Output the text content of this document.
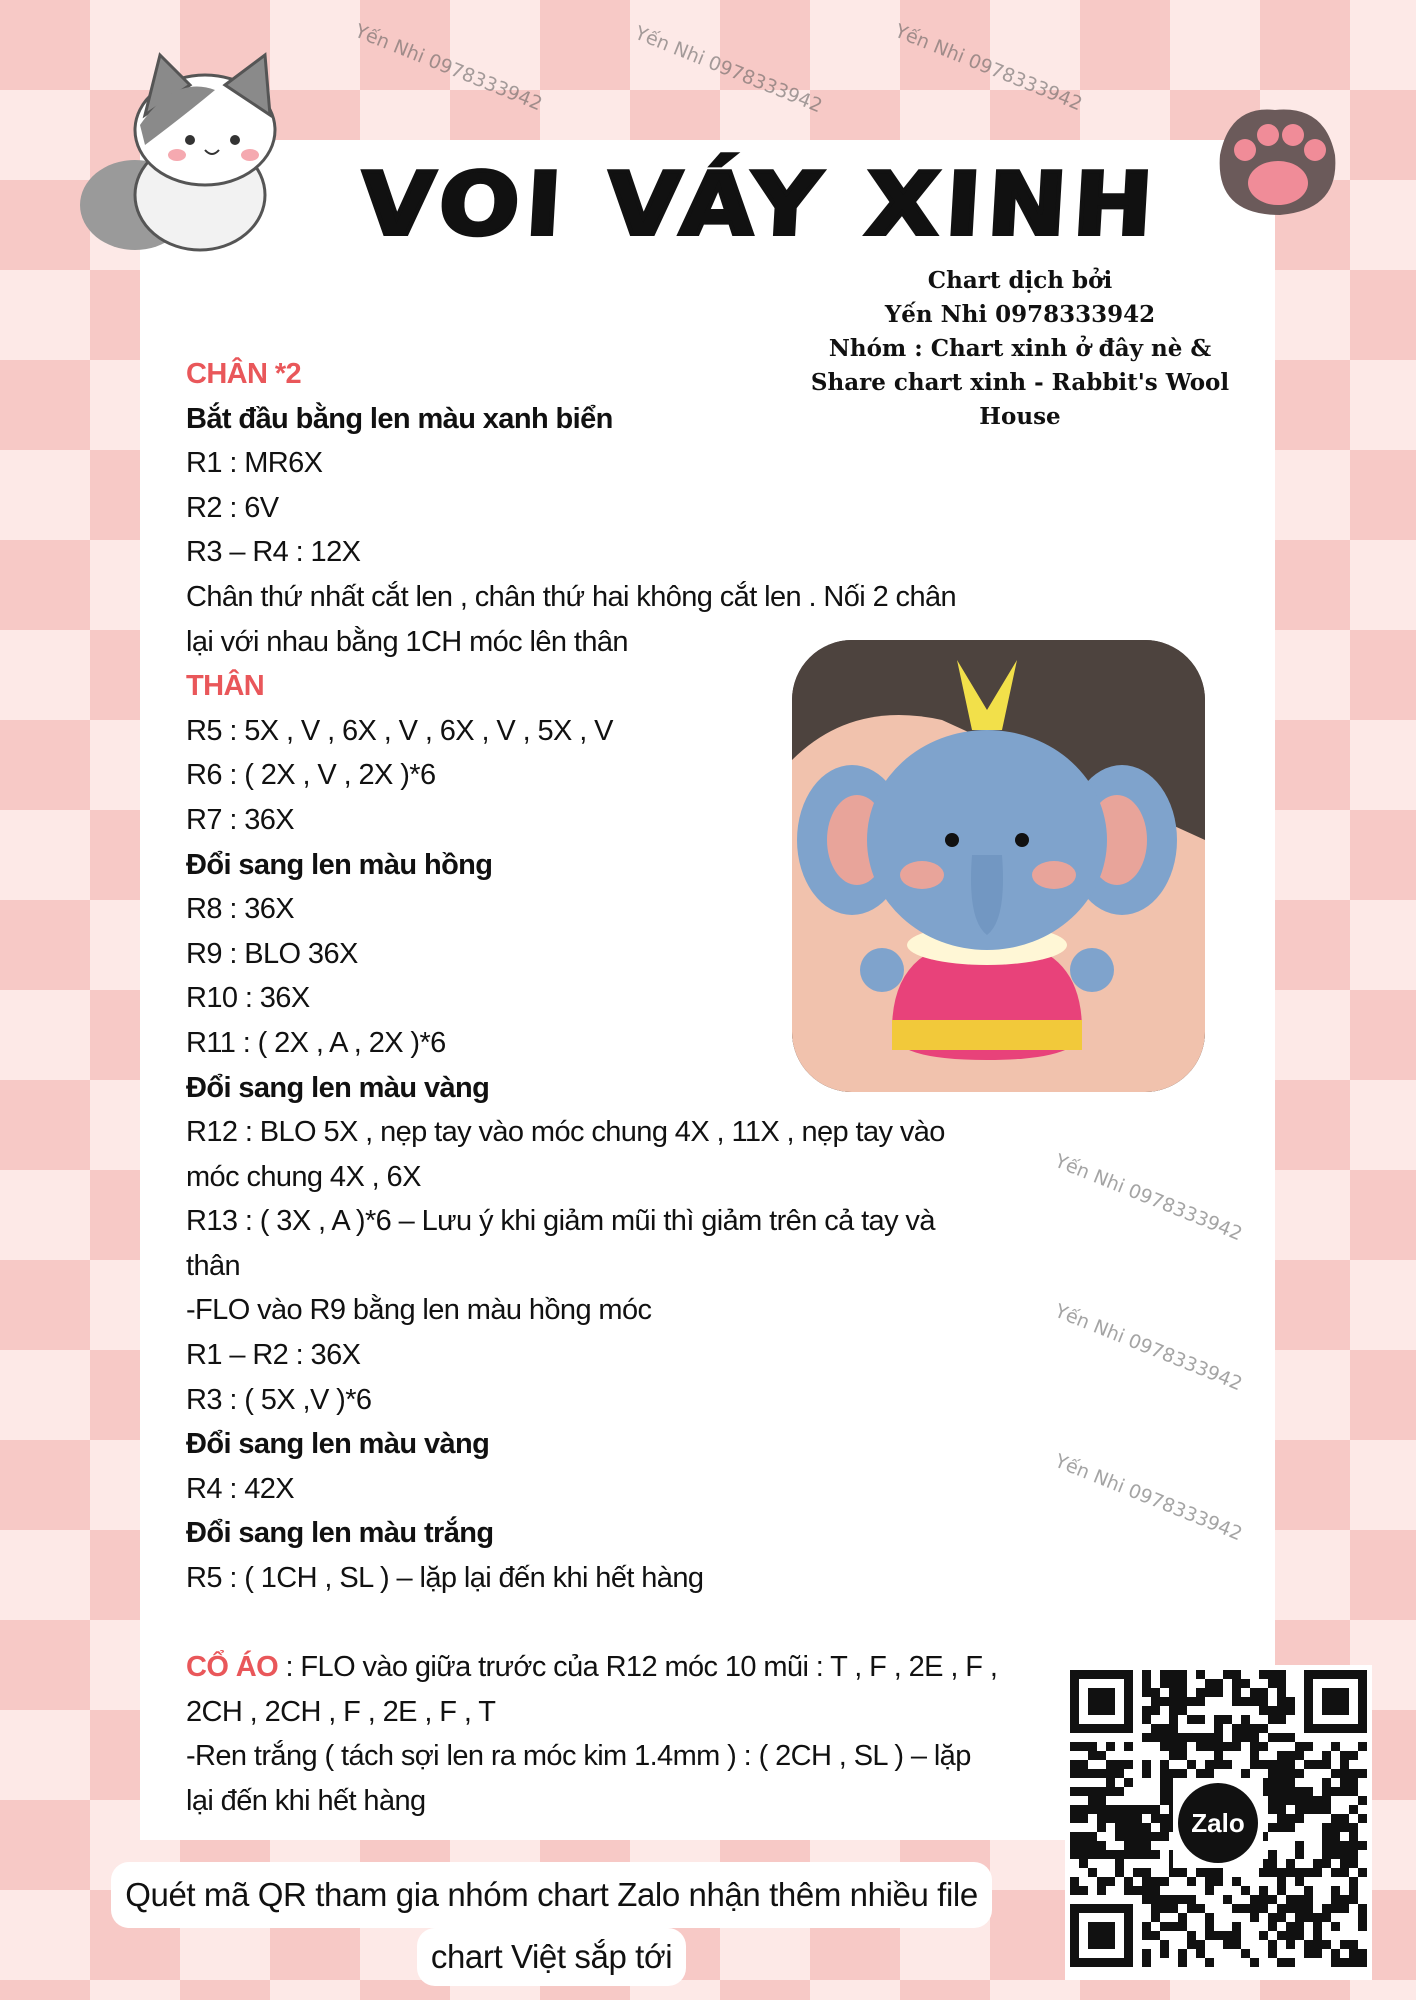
VOI VÁY XINH
Chart dịch bởi
Yến Nhi 0978333942
Nhóm : Chart xinh ở đây nè &
Share chart xinh - Rabbit's Wool
House
CHÂN *2
Bắt đầu bằng len màu xanh biển
R1 : MR6X
R2 : 6V
R3 – R4 : 12X
Chân thứ nhất cắt len , chân thứ hai không cắt len . Nối 2 chân
lại với nhau bằng 1CH móc lên thân
THÂN
R5 : 5X , V , 6X , V , 6X , V , 5X , V
R6 : ( 2X , V , 2X )*6
R7 : 36X
Đổi sang len màu hồng
R8 : 36X
R9 : BLO 36X
R10 : 36X
R11 : ( 2X , A , 2X )*6
Đổi sang len màu vàng
R12 : BLO 5X , nẹp tay vào móc chung 4X , 11X , nẹp tay vào
móc chung 4X , 6X
R13 : ( 3X , A )*6 – Lưu ý khi giảm mũi thì giảm trên cả tay và
thân
-FLO vào R9 bằng len màu hồng móc
R1 – R2 : 36X
R3 : ( 5X ,V )*6
Đổi sang len màu vàng
R4 : 42X
Đổi sang len màu trắng
R5 : ( 1CH , SL ) – lặp lại đến khi hết hàng
CỔ ÁO : FLO vào giữa trước của R12 móc 10 mũi : T , F , 2E , F ,
2CH , 2CH , F , 2E , F , T
-Ren trắng ( tách sợi len ra móc kim 1.4mm ) : ( 2CH , SL ) – lặp
lại đến khi hết hàng
Yến Nhi 0978333942	Yến Nhi 0978333942	Yến Nhi 0978333942
Yến Nhi 0978333942
Yến Nhi 0978333942
Yến Nhi 0978333942
Zalo
Quét mã QR tham gia nhóm chart Zalo nhận thêm nhiều file
chart Việt sắp tới
